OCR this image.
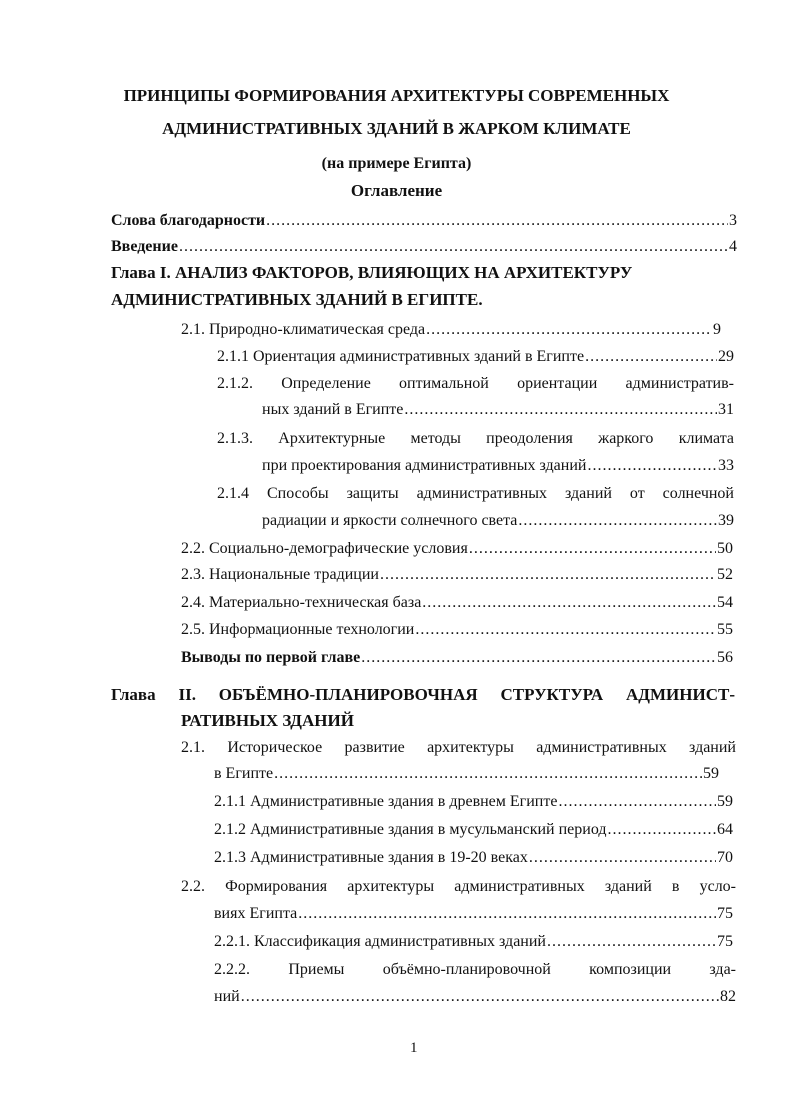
ПРИНЦИПЫ ФОРМИРОВАНИЯ АРХИТЕКТУРЫ СОВРЕМЕННЫХ
АДМИНИСТРАТИВНЫХ ЗДАНИЙ В ЖАРКОМ КЛИМАТЕ
(на примере Египта)
Оглавление
Слова благодарности .....	3
Введение .....	4
Глава I. АНАЛИЗ ФАКТОРОВ, ВЛИЯЮЩИХ НА АРХИТЕКТУРУ
АДМИНИСТРАТИВНЫХ ЗДАНИЙ В ЕГИПТЕ.
2.1. Природно-климатическая среда .....	9
2.1.1 Ориентация административных зданий в Египте .....	29
2.1.2. Определение оптимальной ориентации административ-
ных зданий в Египте .....	31
2.1.3. Архитектурные методы преодоления жаркого климата
при проектирования административных зданий .....	33
2.1.4 Способы защиты административных зданий от солнечной
радиации и яркости солнечного света .....	39
2.2. Социально-демографические условия .....	50
2.3. Национальные традиции .....	52
2.4. Материально-техническая база .....	54
2.5. Информационные технологии .....	55
Выводы по первой главе .....	56
Глава II. ОБЪЁМНО-ПЛАНИРОВОЧНАЯ СТРУКТУРА АДМИНИСТ-
РАТИВНЫХ ЗДАНИЙ
2.1. Историческое развитие архитектуры административных зданий
в Египте .....	59
2.1.1 Административные здания в древнем Египте .....	59
2.1.2 Административные здания в мусульманский период .....	64
2.1.3 Административные здания в 19-20 веках .....	70
2.2. Формирования архитектуры административных зданий в усло-
виях Египта .....	75
2.2.1. Классификация административных зданий .....	75
2.2.2. Приемы объёмно-планировочной композиции зда-
ний .....	82
1
